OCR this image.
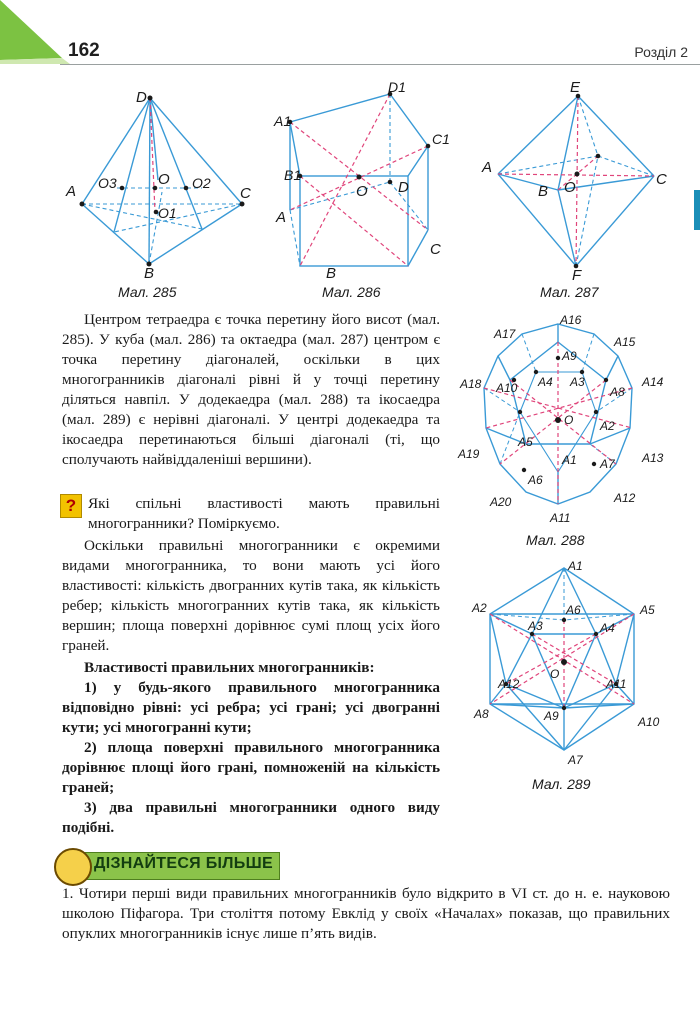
162	Розділ 2
D
A O3	O O2
C
O1
B
Мал. 285
D1
A1
C1
B1
O D
A
C
B
Мал. 286
E
A
B O	C
F
Мал. 287
A16
A17
A15
A9
A18 A10 A4 A3	A14
A8
O A2
A5
A19	A13
A1 A7
A6
A20	A12
A11
Мал. 288
A1
A2	A6	A5
A3	A4
O
A12	A11
A8	A9	A10
A7
Мал. 289

Центром тетраедра є точка перетину його висот (мал. 285). У куба (мал. 286) та октаедра (мал. 287) центром є точка перетину діагоналей, оскільки в цих многогранників діагоналі рівні й у точці перетину діляться навпіл. У додекаедра (мал. 288) та ікосаедра (мал. 289) є нерівні діагоналі. У центрі додекаедра та ікосаедра перетинаються більші діагоналі (ті, що сполучають найвіддаленіші вершини).

? Які спільні властивості мають правильні многогранники? Поміркуємо.

Оскільки правильні многогранники є окремими видами многогранника, то вони мають усі його властивості: кількість двогранних кутів така, як кількість ребер; кількість многогранних кутів така, як кількість вершин; площа поверхні дорівнює сумі площ усіх його граней.

Властивості правильних многогранників:

1) у будь-якого правильного многогранника відповідно рівні: усі ребра; усі грані; усі двогранні кути; усі многогранні кути;

2) площа поверхні правильного многогранника дорівнює площі його грані, помноженій на кількість граней;

3) два правильні многогранники одного виду подібні.

ДІЗНАЙТЕСЯ БІЛЬШЕ

1. Чотири перші види правильних многогранників було відкрито в VI ст. до н. е. науковою школою Піфагора. Три століття потому Евклід у своїх «Началах» показав, що правильних опуклих многогранників існує лише п’ять видів.
